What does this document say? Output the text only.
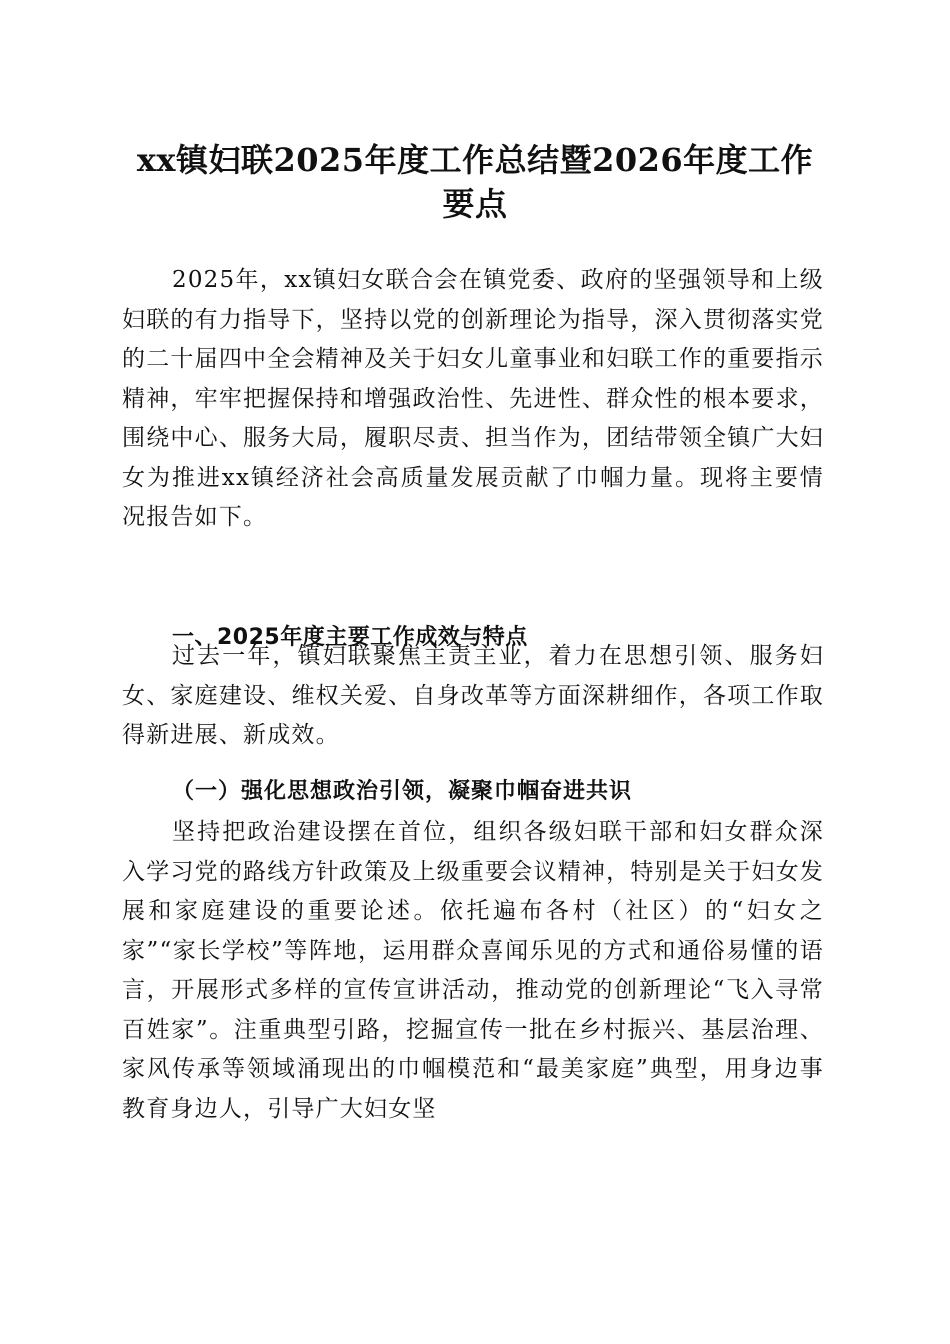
xx镇妇联2025年度工作总结暨2026年度工作
要点

2025年，xx镇妇女联合会在镇党委、政府的坚强领导和上级妇联的有力指导下，坚持以党的创新理论为指导，深入贯彻落实党的二十届四中全会精神及关于妇女儿童事业和妇联工作的重要指示精神，牢牢把握保持和增强政治性、先进性、群众性的根本要求，围绕中心、服务大局，履职尽责、担当作为，团结带领全镇广大妇女为推进xx镇经济社会高质量发展贡献了巾帼力量。现将主要情况报告如下。

一、2025年度主要工作成效与特点

过去一年，镇妇联聚焦主责主业，着力在思想引领、服务妇女、家庭建设、维权关爱、自身改革等方面深耕细作，各项工作取得新进展、新成效。

（一）强化思想政治引领，凝聚巾帼奋进共识

坚持把政治建设摆在首位，组织各级妇联干部和妇女群众深入学习党的路线方针政策及上级重要会议精神，特别是关于妇女发展和家庭建设的重要论述。依托遍布各村（社区）的“妇女之家”“家长学校”等阵地，运用群众喜闻乐见的方式和通俗易懂的语言，开展形式多样的宣传宣讲活动，推动党的创新理论“飞入寻常百姓家”。注重典型引路，挖掘宣传一批在乡村振兴、基层治理、家风传承等领域涌现出的巾帼模范和“最美家庭”典型，用身边事教育身边人，引导广大妇女坚
